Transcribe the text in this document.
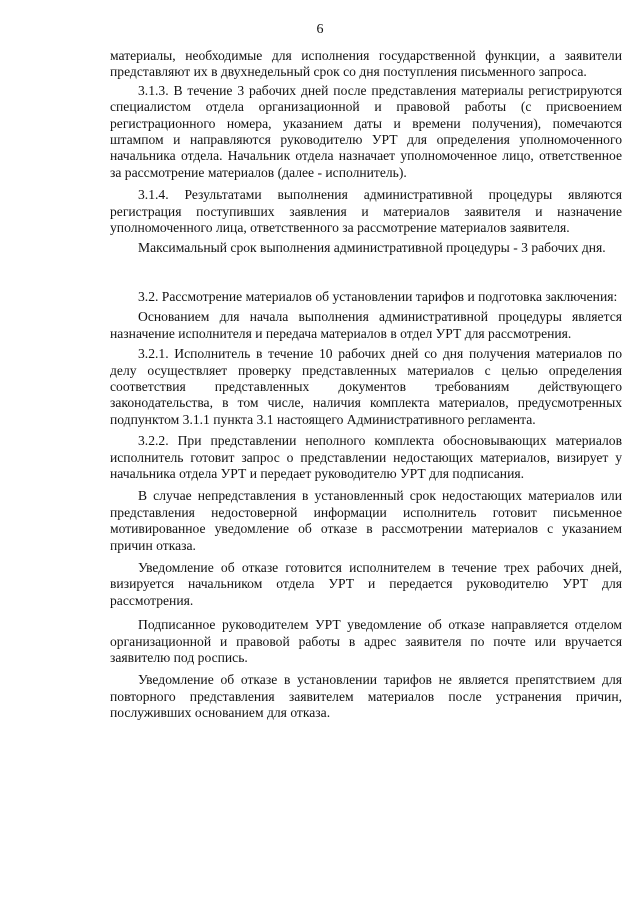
6

материалы, необходимые для исполнения государственной функции, а заявители представляют их в двухнедельный срок со дня поступления письменного запроса.

3.1.3. В течение 3 рабочих дней после представления материалы регистрируются специалистом отдела организационной и правовой работы (с присвоением регистрационного номера, указанием даты и времени получения), помечаются штампом и направляются руководителю УРТ для определения уполномоченного начальника отдела. Начальник отдела назначает уполномоченное лицо, ответственное за рассмотрение материалов (далее - исполнитель).

3.1.4. Результатами выполнения административной процедуры являются регистрация поступивших заявления и материалов заявителя и назначение уполномоченного лица, ответственного за рассмотрение материалов заявителя.

Максимальный срок выполнения административной процедуры - 3 рабочих дня.

3.2. Рассмотрение материалов об установлении тарифов и подготовка заключения:

Основанием для начала выполнения административной процедуры является назначение исполнителя и передача материалов в отдел УРТ для рассмотрения.

3.2.1. Исполнитель в течение 10 рабочих дней со дня получения материалов по делу осуществляет проверку представленных материалов с целью определения соответствия представленных документов требованиям действующего законодательства, в том числе, наличия комплекта материалов, предусмотренных подпунктом 3.1.1 пункта 3.1 настоящего Административного регламента.

3.2.2. При представлении неполного комплекта обосновывающих материалов исполнитель готовит запрос о представлении недостающих материалов, визирует у начальника отдела УРТ и передает руководителю УРТ для подписания.

В случае непредставления в установленный срок недостающих материалов или представления недостоверной информации исполнитель готовит письменное мотивированное уведомление об отказе в рассмотрении материалов с указанием причин отказа.

Уведомление об отказе готовится исполнителем в течение трех рабочих дней, визируется начальником отдела УРТ и передается руководителю УРТ для рассмотрения.

Подписанное руководителем УРТ уведомление об отказе направляется отделом организационной и правовой работы в адрес заявителя по почте или вручается заявителю под роспись.

Уведомление об отказе в установлении тарифов не является препятствием для повторного представления заявителем материалов после устранения причин, послуживших основанием для отказа.
